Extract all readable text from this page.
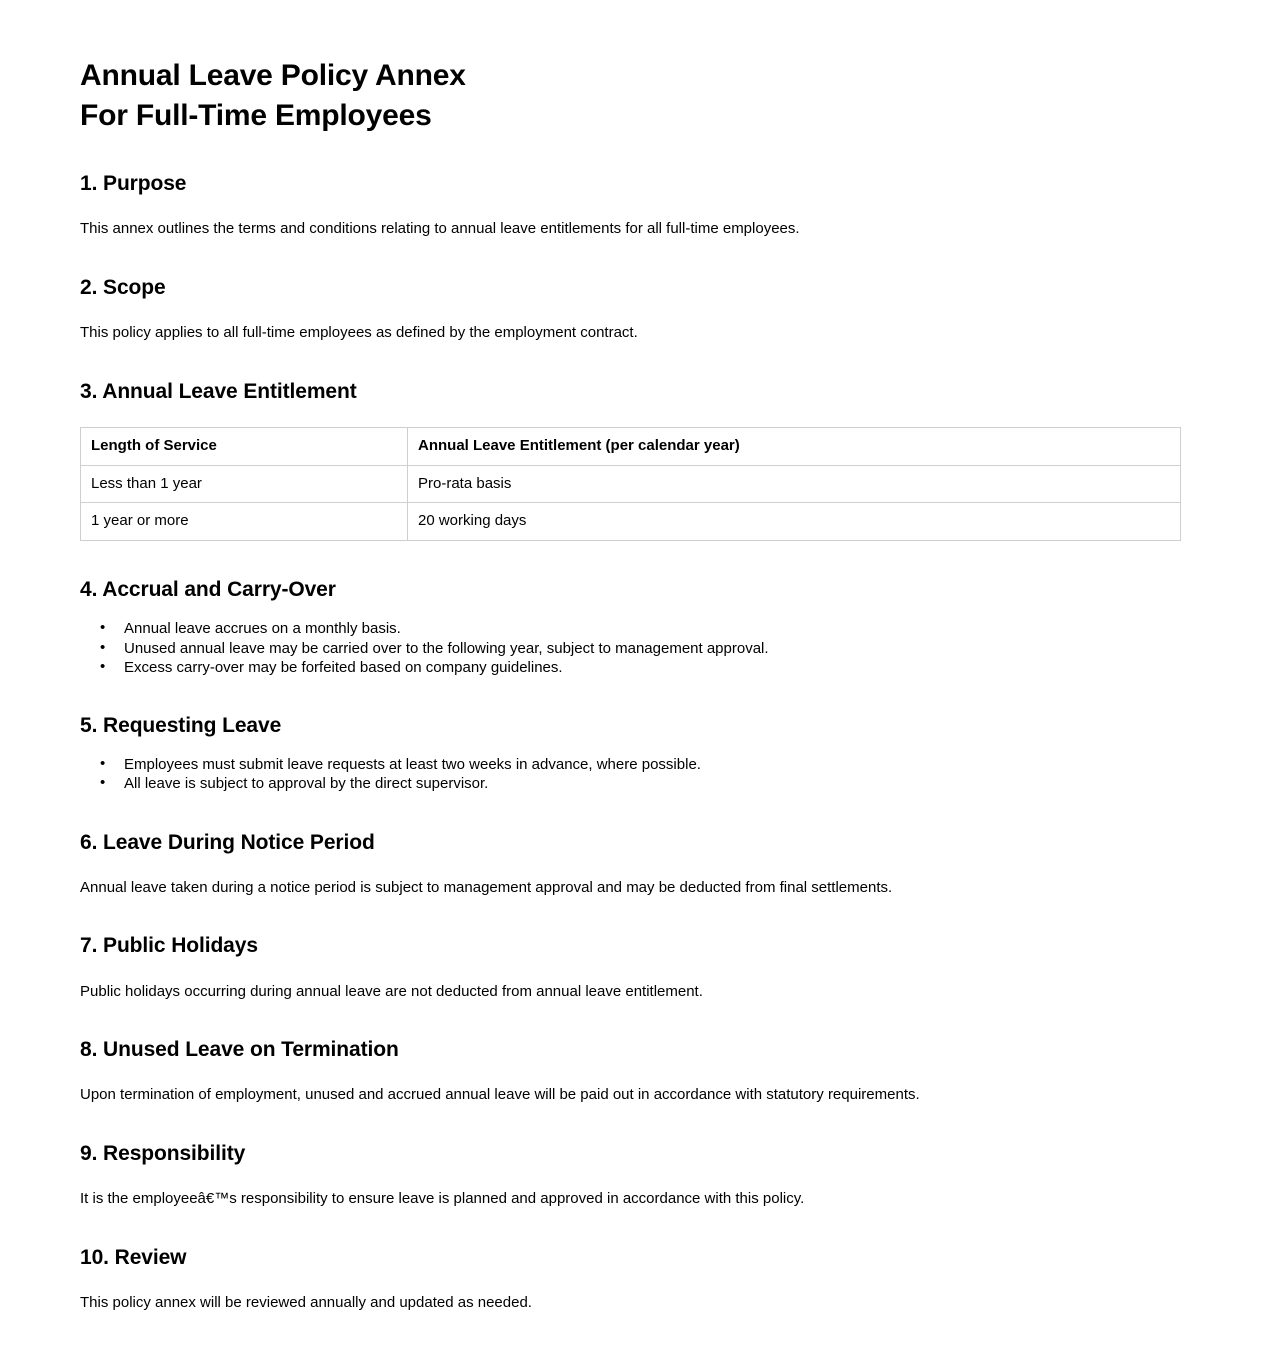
Annual Leave Policy Annex
For Full-Time Employees
1. Purpose

This annex outlines the terms and conditions relating to annual leave entitlements for all full-time employees.

2. Scope

This policy applies to all full-time employees as defined by the employment contract.

3. Annual Leave Entitlement
Length of Service	Annual Leave Entitlement (per calendar year)
Less than 1 year	Pro-rata basis
1 year or more	20 working days
4. Accrual and Carry-Over
• Annual leave accrues on a monthly basis.
• Unused annual leave may be carried over to the following year, subject to management approval.
• Excess carry-over may be forfeited based on company guidelines.
5. Requesting Leave
• Employees must submit leave requests at least two weeks in advance, where possible.
• All leave is subject to approval by the direct supervisor.
6. Leave During Notice Period

Annual leave taken during a notice period is subject to management approval and may be deducted from final settlements.

7. Public Holidays

Public holidays occurring during annual leave are not deducted from annual leave entitlement.

8. Unused Leave on Termination

Upon termination of employment, unused and accrued annual leave will be paid out in accordance with statutory requirements.

9. Responsibility

It is the employeeâ€™s responsibility to ensure leave is planned and approved in accordance with this policy.

10. Review

This policy annex will be reviewed annually and updated as needed.
